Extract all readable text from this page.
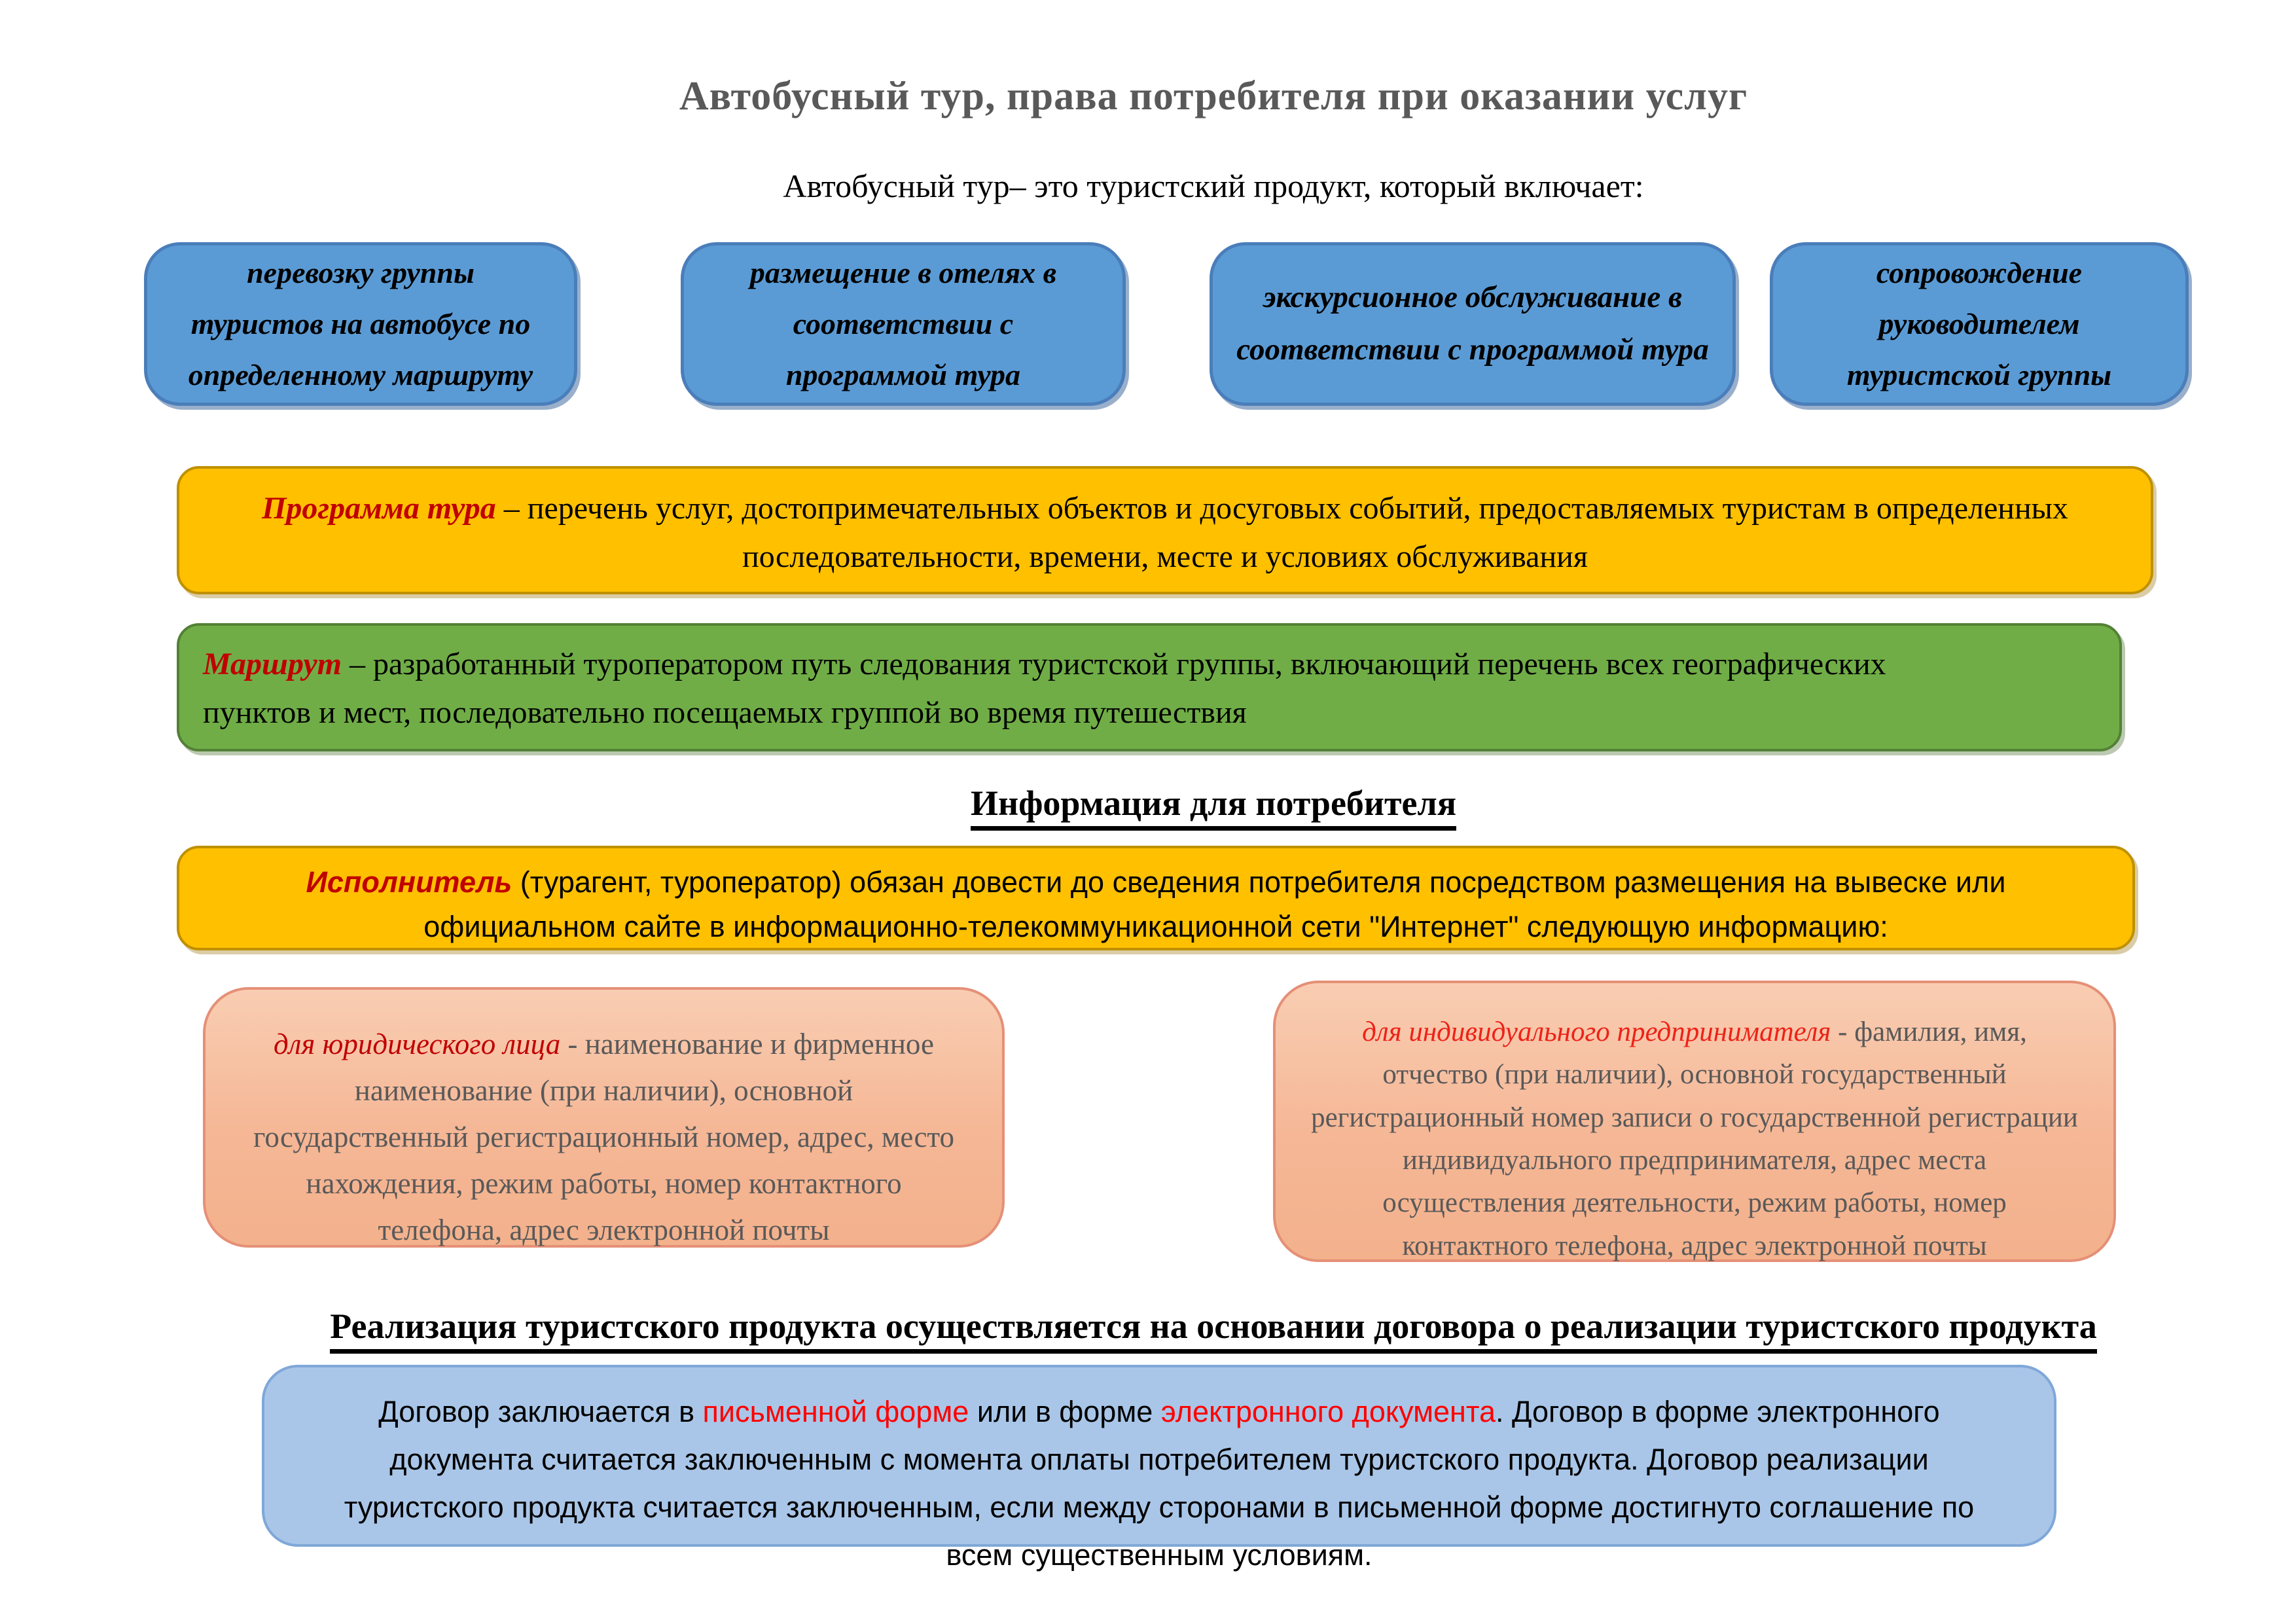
Автобусный тур, права потребителя при оказании услуг
Автобусный тур– это туристский продукт, который включает:
перевозку группы
туристов на автобусе по
определенному маршруту
размещение в отелях в
соответствии с
программой тура
экскурсионное обслуживание в
соответствии с программой тура
сопровождение
руководителем
туристской группы
Программа тура – перечень услуг, достопримечательных объектов и досуговых событий, предоставляемых туристам в определенных последовательности, времени, месте и условиях обслуживания
Маршрут – разработанный туроператором путь следования туристской группы, включающий перечень всех географических пунктов и мест, последовательно посещаемых группой во время путешествия
Информация для потребителя
Исполнитель (турагент, туроператор) обязан довести до сведения потребителя посредством размещения на вывеске или официальном сайте в информационно-телекоммуникационной сети "Интернет" следующую информацию:
для юридического лица - наименование и фирменное наименование (при наличии), основной государственный регистрационный номер, адрес, место нахождения, режим работы, номер контактного телефона, адрес электронной почты
для индивидуального предпринимателя - фамилия, имя, отчество (при наличии), основной государственный регистрационный номер записи о государственной регистрации индивидуального предпринимателя, адрес места осуществления деятельности, режим работы, номер контактного телефона, адрес электронной почты
Реализация туристского продукта осуществляется на основании договора о реализации туристского продукта
Договор заключается в письменной форме или в форме электронного документа. Договор в форме электронного документа считается заключенным с момента оплаты потребителем туристского продукта. Договор реализации туристского продукта считается заключенным, если между сторонами в письменной форме достигнуто соглашение по всем существенным условиям.
